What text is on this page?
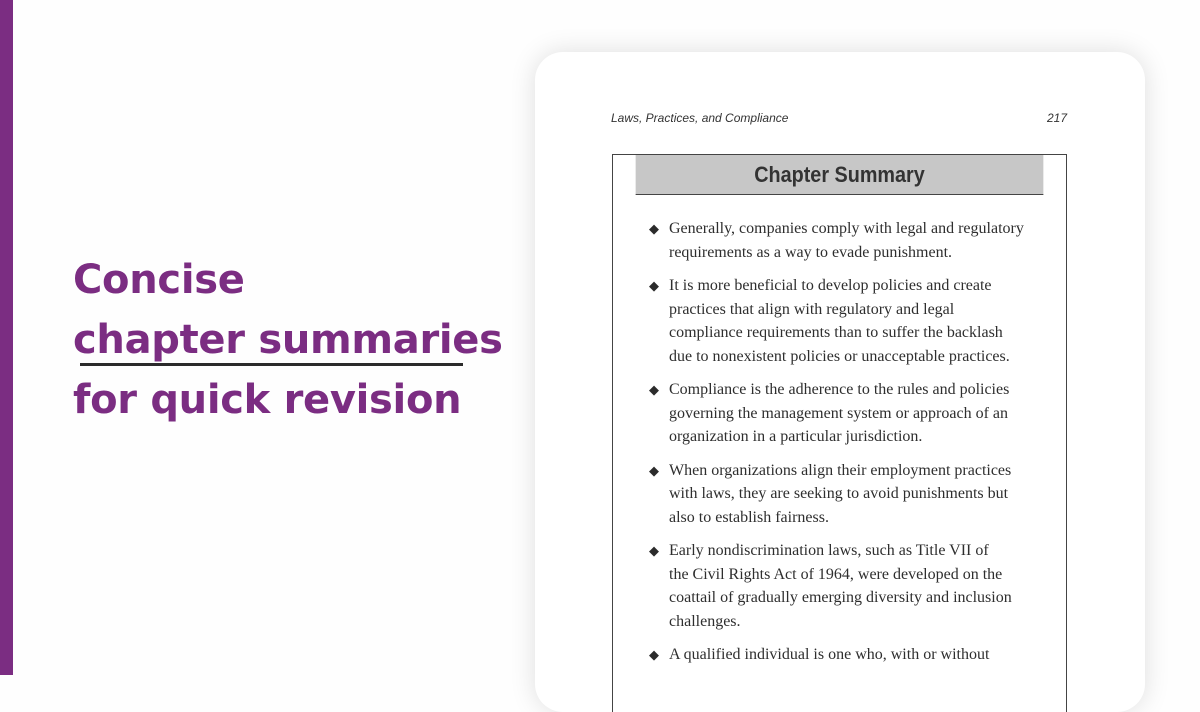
Concise
chapter summaries
for quick revision
Laws, Practices, and Compliance	217
Chapter Summary
◆ Generally, companies comply with legal and regulatory
requirements as a way to evade punishment.
◆ It is more beneficial to develop policies and create
practices that align with regulatory and legal
compliance requirements than to suffer the backlash
due to nonexistent policies or unacceptable practices.
◆ Compliance is the adherence to the rules and policies
governing the management system or approach of an
organization in a particular jurisdiction.
◆ When organizations align their employment practices
with laws, they are seeking to avoid punishments but
also to establish fairness.
◆ Early nondiscrimination laws, such as Title VII of
the Civil Rights Act of 1964, were developed on the
coattail of gradually emerging diversity and inclusion
challenges.
◆ A qualified individual is one who, with or without
